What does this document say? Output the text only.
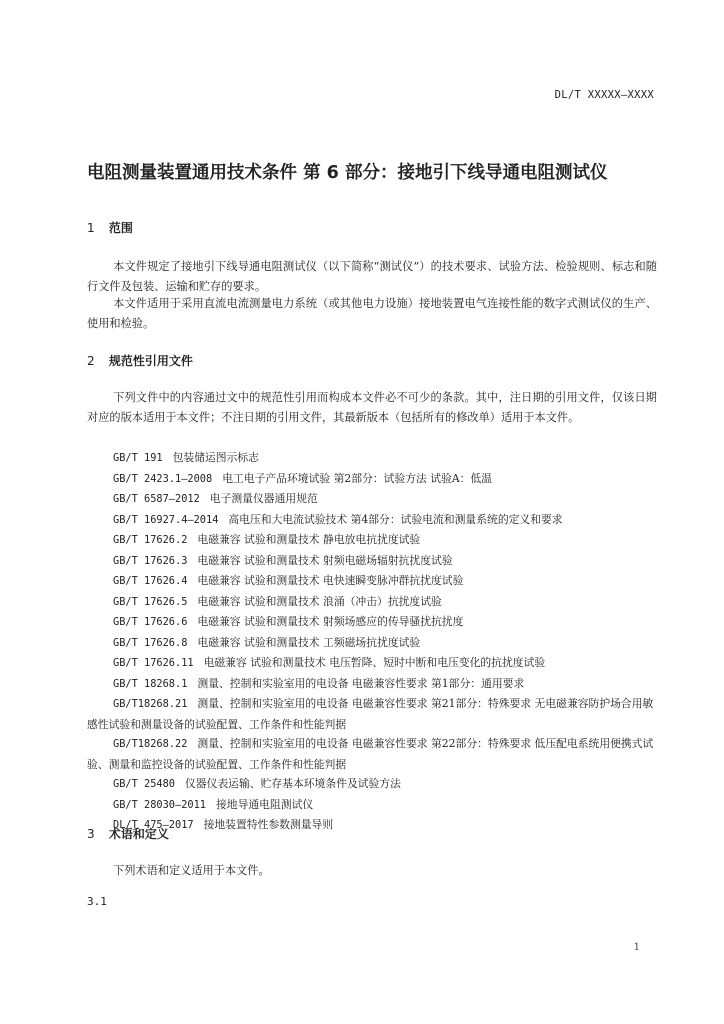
DL/T XXXXX—XXXX
电阻测量装置通用技术条件 第 6 部分：接地引下线导通电阻测试仪
1 范围
本文件规定了接地引下线导通电阻测试仪（以下简称“测试仪”）的技术要求、试验方法、检验规则、标志和随行文件及包装、运输和贮存的要求。
本文件适用于采用直流电流测量电力系统（或其他电力设施）接地装置电气连接性能的数字式测试仪的生产、使用和检验。
2 规范性引用文件
下列文件中的内容通过文中的规范性引用而构成本文件必不可少的条款。其中，注日期的引用文件，仅该日期对应的版本适用于本文件；不注日期的引用文件，其最新版本（包括所有的修改单）适用于本文件。

GB/T 191 包装储运图示标志

GB/T 2423.1—2008 电工电子产品环境试验 第2部分：试验方法 试验A：低温

GB/T 6587—2012 电子测量仪器通用规范

GB/T 16927.4—2014 高电压和大电流试验技术 第4部分：试验电流和测量系统的定义和要求

GB/T 17626.2 电磁兼容 试验和测量技术 静电放电抗扰度试验

GB/T 17626.3 电磁兼容 试验和测量技术 射频电磁场辐射抗扰度试验

GB/T 17626.4 电磁兼容 试验和测量技术 电快速瞬变脉冲群抗扰度试验

GB/T 17626.5 电磁兼容 试验和测量技术 浪涌（冲击）抗扰度试验

GB/T 17626.6 电磁兼容 试验和测量技术 射频场感应的传导骚扰抗扰度

GB/T 17626.8 电磁兼容 试验和测量技术 工频磁场抗扰度试验

GB/T 17626.11 电磁兼容 试验和测量技术 电压暂降、短时中断和电压变化的抗扰度试验

GB/T 18268.1 测量、控制和实验室用的电设备 电磁兼容性要求 第1部分：通用要求

GB/T18268.21 测量、控制和实验室用的电设备 电磁兼容性要求 第21部分：特殊要求 无电磁兼容防护场合用敏感性试验和测量设备的试验配置、工作条件和性能判据

GB/T18268.22 测量、控制和实验室用的电设备 电磁兼容性要求 第22部分：特殊要求 低压配电系统用便携式试验、测量和监控设备的试验配置、工作条件和性能判据

GB/T 25480 仪器仪表运输、贮存基本环境条件及试验方法

GB/T 28030—2011 接地导通电阻测试仪

DL/T 475—2017 接地装置特性参数测量导则

3 术语和定义
下列术语和定义适用于本文件。
3.1
1
